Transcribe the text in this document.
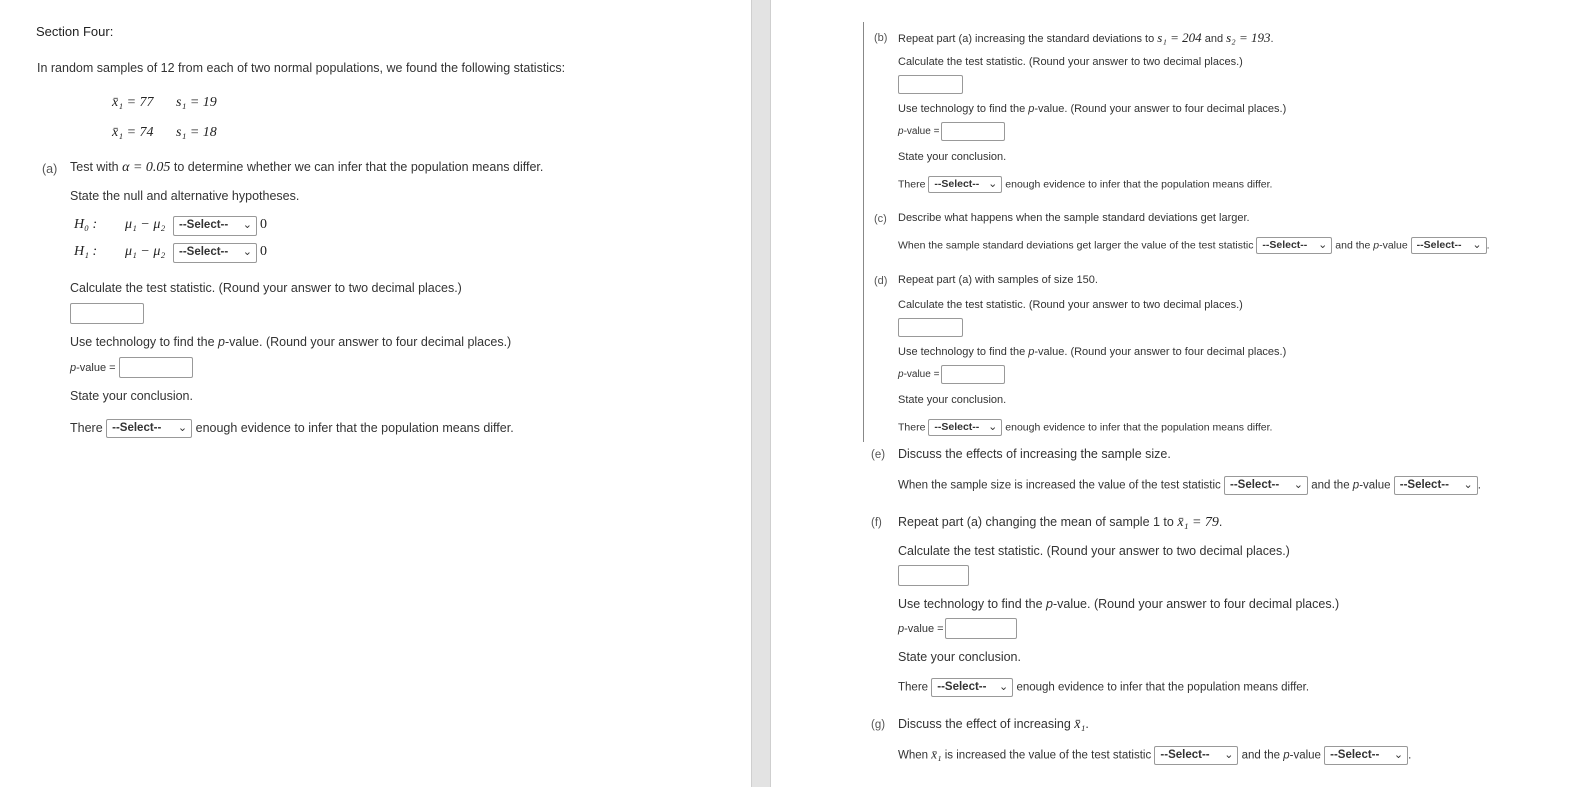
Section Four:
In random samples of 12 from each of two normal populations, we found the following statistics:
x̄₁ = 77 s₁ = 19
x̄₁ = 74 s₁ = 18
(a) Test with α = 0.05 to determine whether we can infer that the population means differ.
State the null and alternative hypotheses.
H₀ : μ₁ − μ₂	--Select-- ⌄ 0
H₁ : μ₁ − μ₂	--Select-- ⌄ 0
Calculate the test statistic. (Round your answer to two decimal places.)
Use technology to find the p-value. (Round your answer to four decimal places.)
p-value =
State your conclusion.
There --Select-- ⌄ enough evidence to infer that the population means differ.
(b) Repeat part (a) increasing the standard deviations to s₁ = 204 and s₂ = 193.
Calculate the test statistic. (Round your answer to two decimal places.)
Use technology to find the p-value. (Round your answer to four decimal places.)
p-value =
State your conclusion.
There --Select-- ⌄ enough evidence to infer that the population means differ.
(c) Describe what happens when the sample standard deviations get larger.
When the sample standard deviations get larger the value of the test statistic --Select-- ⌄ and the p-value --Select-- ⌄ .
(d) Repeat part (a) with samples of size 150.
Calculate the test statistic. (Round your answer to two decimal places.)
Use technology to find the p-value. (Round your answer to four decimal places.)
p-value =
State your conclusion.
There --Select-- ⌄ enough evidence to infer that the population means differ.
(e) Discuss the effects of increasing the sample size.
When the sample size is increased the value of the test statistic --Select-- ⌄ and the p-value --Select-- ⌄ .
(f) Repeat part (a) changing the mean of sample 1 to x̄₁ = 79.
Calculate the test statistic. (Round your answer to two decimal places.)
Use technology to find the p-value. (Round your answer to four decimal places.)
p-value =
State your conclusion.
There --Select-- ⌄ enough evidence to infer that the population means differ.
(g) Discuss the effect of increasing x̄₁.
When x̄₁ is increased the value of the test statistic --Select-- ⌄ and the p-value --Select-- ⌄ .
